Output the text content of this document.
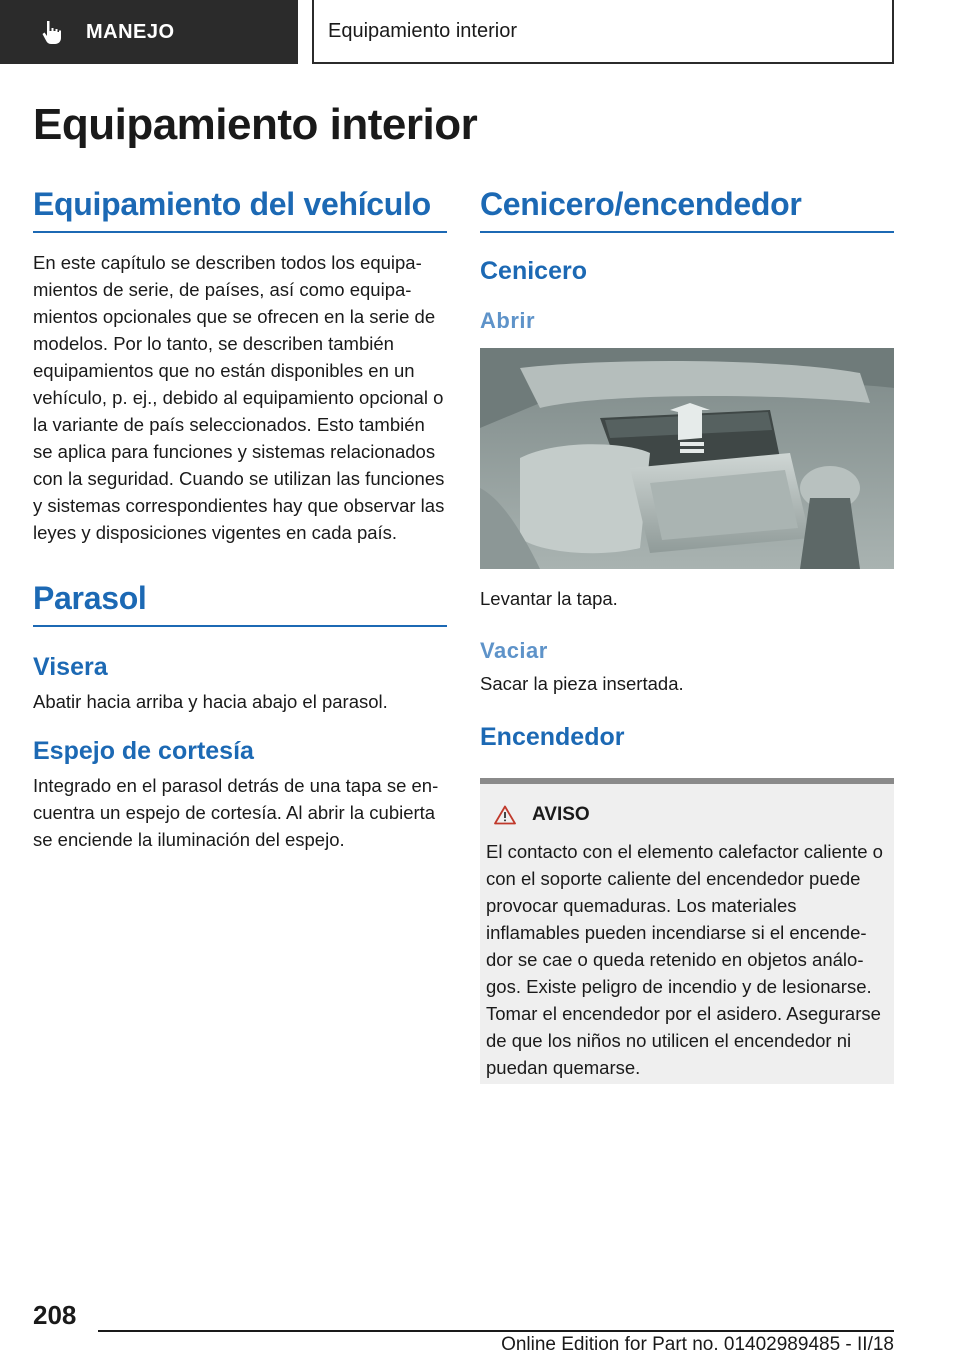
MANEJO	Equipamiento interior
Equipamiento interior
Equipamiento del vehículo

En este capítulo se describen todos los equipamientos de serie, de países, así como equipamientos opcionales que se ofrecen en la serie de modelos. Por lo tanto, se describen también equipamientos que no están disponibles en un vehículo, p. ej., debido al equipamiento opcional o la variante de país seleccionados. Esto también se aplica para funciones y sistemas relacionados con la seguridad. Cuando se utilizan las funciones y sistemas correspondientes hay que observar las leyes y disposiciones vigentes en cada país.

Parasol
Visera

Abatir hacia arriba y hacia abajo el parasol.

Espejo de cortesía

Integrado en el parasol detrás de una tapa se encuentra un espejo de cortesía. Al abrir la cubierta se enciende la iluminación del espejo.

Cenicero/encendedor
Cenicero
Abrir

Levantar la tapa.

Vaciar

Sacar la pieza insertada.

Encendedor
AVISO

El contacto con el elemento calefactor caliente o con el soporte caliente del encendedor puede provocar quemaduras. Los materiales inflamables pueden incendiarse si el encendedor se cae o queda retenido en objetos análogos. Existe peligro de incendio y de lesionarse. Tomar el encendedor por el asidero. Asegurarse de que los niños no utilicen el encendedor ni puedan quemarse.

208
Online Edition for Part no. 01402989485 - II/18
